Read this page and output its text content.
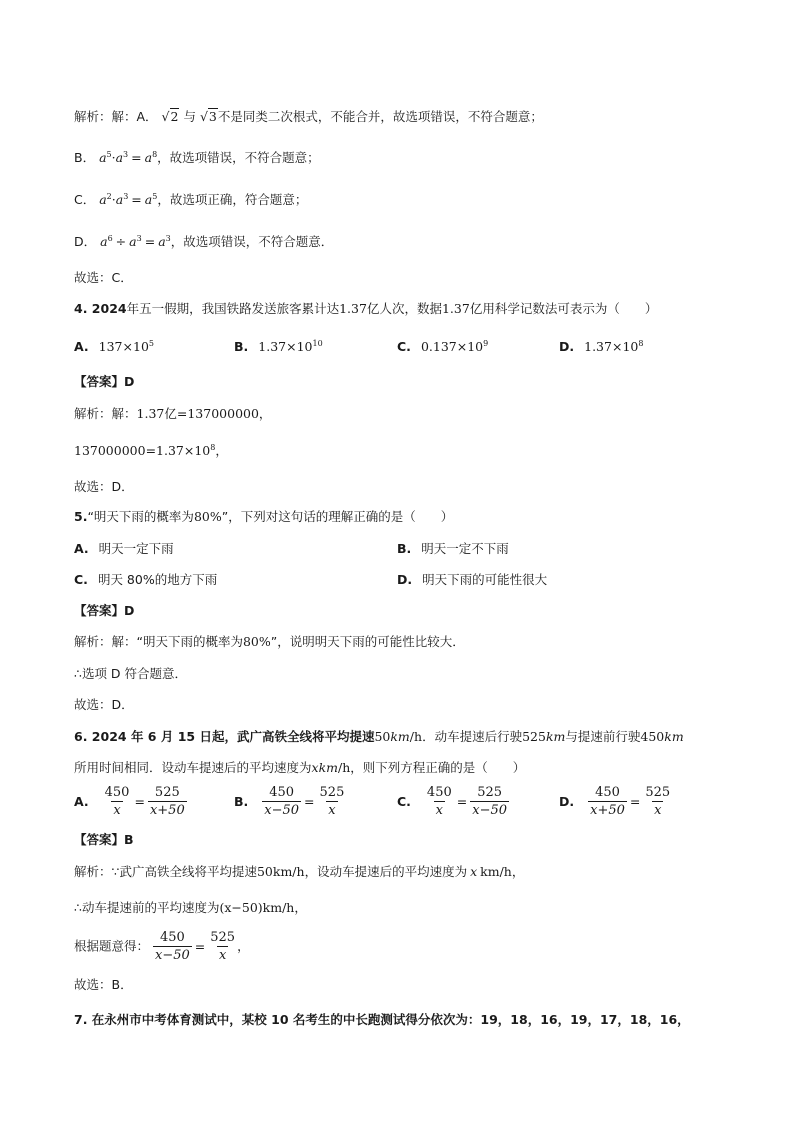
解析：解：A． √2 与 √3不是同类二次根式，不能合并，故选项错误，不符合题意；
B． $a^5\cdot a^3 = a^8$，故选项错误，不符合题意；
C． $a^2\cdot a^3 = a^5$，故选项正确，符合题意；
D． $a^6 \div a^3 = a^3$，故选项错误，不符合题意．
故选：C．
4. 2024年五一假期，我国铁路发送旅客累计达1.37亿人次，数据1.37亿用科学记数法可表示为（　　）
A. $137\times 10^5$	B. $1.37\times 10^{10}$	C. $0.137\times 10^9$	D. $1.37\times 10^8$
【答案】D
解析：解：1.37亿=137000000，
$137000000=1.37\times 10^8$，
故选：D．
5.“明天下雨的概率为80%”，下列对这句话的理解正确的是（　　）
A. 明天一定下雨	B. 明天一定不下雨
C. 明天 80%的地方下雨	D. 明天下雨的可能性很大
【答案】D
解析：解：“明天下雨的概率为80%”，说明明天下雨的可能性比较大．
∴选项 D 符合题意．
故选：D．
6. 2024 年 6 月 15 日起，武广高铁全线将平均提速50km/h．动车提速后行驶525km与提速前行驶450km
所用时间相同．设动车提速后的平均速度为xkm/h，则下列方程正确的是（　　）
A. $\frac{450}{x} = \frac{525}{x+50}$	B. $\frac{450}{x-50} = \frac{525}{x}$	C. $\frac{450}{x} = \frac{525}{x-50}$	D. $\frac{450}{x+50} = \frac{525}{x}$
【答案】B
解析：∵武广高铁全线将平均提速50km/h，设动车提速后的平均速度为 x km/h，
∴动车提速前的平均速度为(x−50)km/h，
根据题意得： $\frac{450}{x-50} = \frac{525}{x}$ ，
故选：B．
7. 在永州市中考体育测试中，某校 10 名考生的中长跑测试得分依次为：19，18，16，19，17，18，16，
